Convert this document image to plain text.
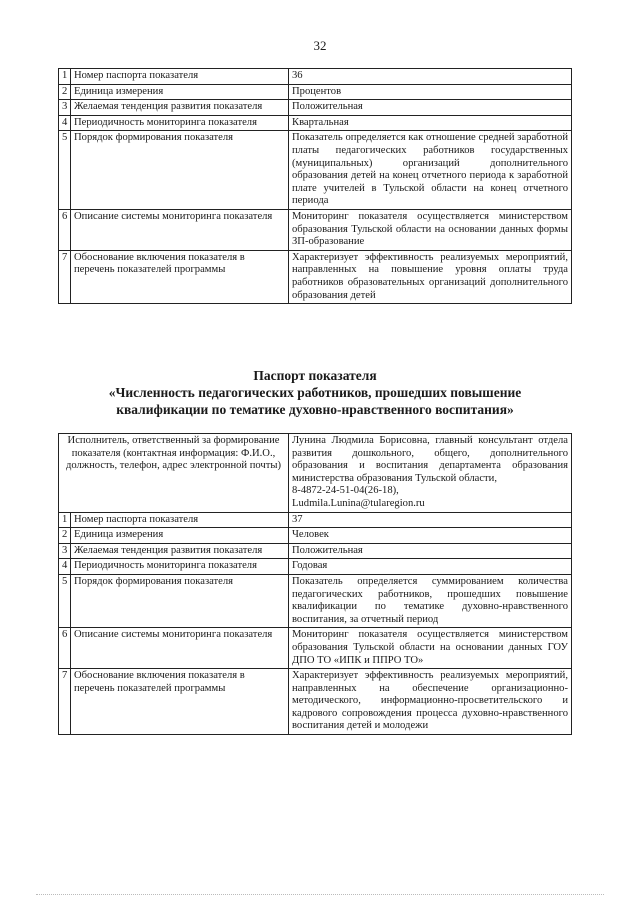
32
1	Номер паспорта показателя	36
2	Единица измерения	Процентов
3	Желаемая тенденция развития показателя	Положительная
4	Периодичность мониторинга показателя	Квартальная
5	Порядок формирования показателя	Показатель определяется как отношение средней заработной платы педагогических работников государственных (муниципальных) организаций дополнительного образования детей на конец отчетного периода к заработной плате учителей в Тульской области на конец отчетного периода
6	Описание системы мониторинга показателя	Мониторинг показателя осуществляется министерством образования Тульской области на основании данных формы ЗП-образование
7	Обоснование включения показателя в перечень показателей программы	Характеризует эффективность реализуемых мероприятий, направленных на повышение уровня оплаты труда работников образовательных организаций дополнительного образования детей
Паспорт показателя
«Численность педагогических работников, прошедших повышение
квалификации по тематике духовно-нравственного воспитания»
Исполнитель, ответственный за формирование показателя (контактная информация: Ф.И.О., должность, телефон, адрес электронной почты)		Лунина Людмила Борисовна, главный консультант отдела развития дошкольного, общего, дополнительного образования и воспитания департамента образования министерства образования Тульской области,
8-4872-24-51-04(26-18),
Ludmila.Lunina@tularegion.ru

1	Номер паспорта показателя	37
2	Единица измерения	Человек
3	Желаемая тенденция развития показателя	Положительная
4	Периодичность мониторинга показателя	Годовая
5	Порядок формирования показателя	Показатель определяется суммированием количества педагогических работников, прошедших повышение квалификации по тематике духовно-нравственного воспитания, за отчетный период
6	Описание системы мониторинга показателя	Мониторинг показателя осуществляется министерством образования Тульской области на основании данных ГОУ ДПО ТО «ИПК и ППРО ТО»
7	Обоснование включения показателя в перечень показателей программы	Характеризует эффективность реализуемых мероприятий, направленных на обеспечение организационно-методического, информационно-просветительского и кадрового сопровождения процесса духовно-нравственного воспитания детей и молодежи
